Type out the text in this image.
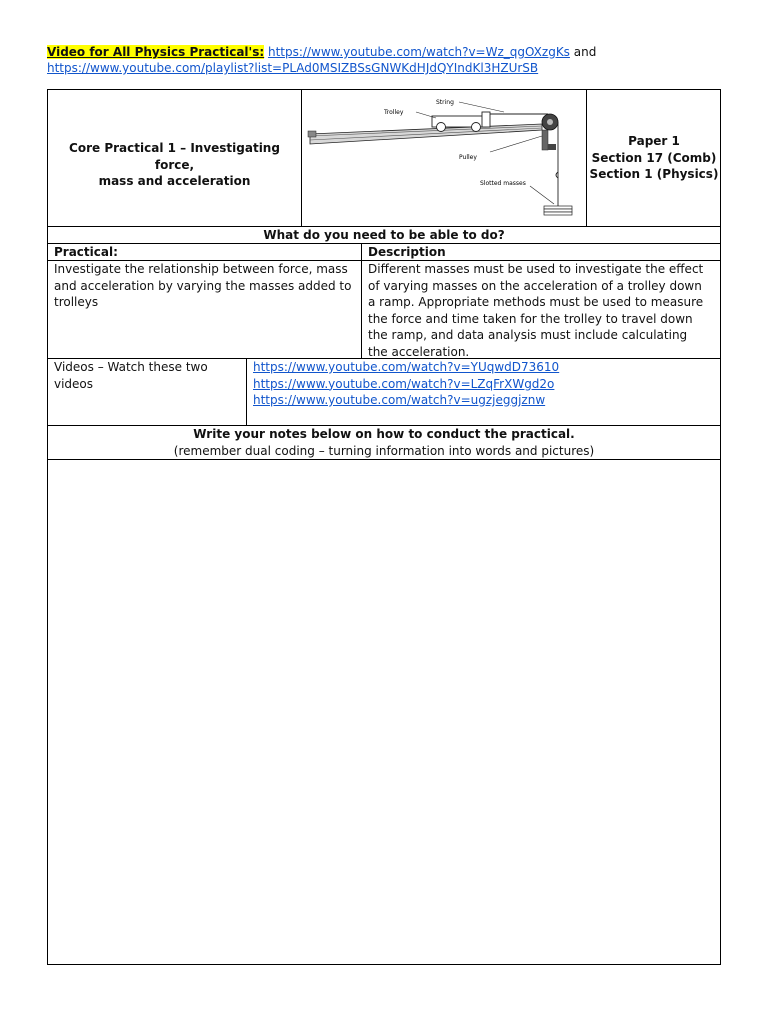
Video for All Physics Practical's: https://www.youtube.com/watch?v=Wz_qgOXzgKs and
https://www.youtube.com/playlist?list=PLAd0MSIZBSsGNWKdHJdQYIndKl3HZUrSB
Core Practical 1 – Investigating force,
mass and acceleration
String
Trolley
Pulley
Slotted masses
Paper 1
Section 17 (Comb)
Section 1 (Physics)
What do you need to be able to do?
Practical:	Description
Investigate the relationship between force, mass
and acceleration by varying the masses added to
trolleys
Different masses must be used to investigate the effect
of varying masses on the acceleration of a trolley down
a ramp. Appropriate methods must be used to measure
the force and time taken for the trolley to travel down
the ramp, and data analysis must include calculating
the acceleration.
Videos – Watch these two
videos
https://www.youtube.com/watch?v=YUqwdD73610
https://www.youtube.com/watch?v=LZqFrXWgd2o
https://www.youtube.com/watch?v=ugzjeggjznw
Write your notes below on how to conduct the practical.
(remember dual coding – turning information into words and pictures)
